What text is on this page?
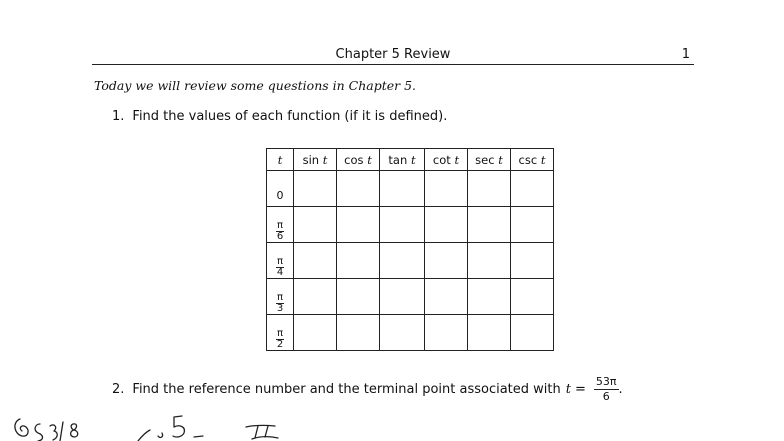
Chapter 5 Review	1
Today we will review some questions in Chapter 5.
1. Find the values of each function (if it is defined).
t	sin t	cos t	tan t	cot t	sec t	csc t

0						

$\frac{\pi}{6}$

$\frac{\pi}{4}$

$\frac{\pi}{3}$

$\frac{\pi}{2}$

2. Find the reference number and the terminal point associated with $t = \frac{53\pi}{6}$ .
